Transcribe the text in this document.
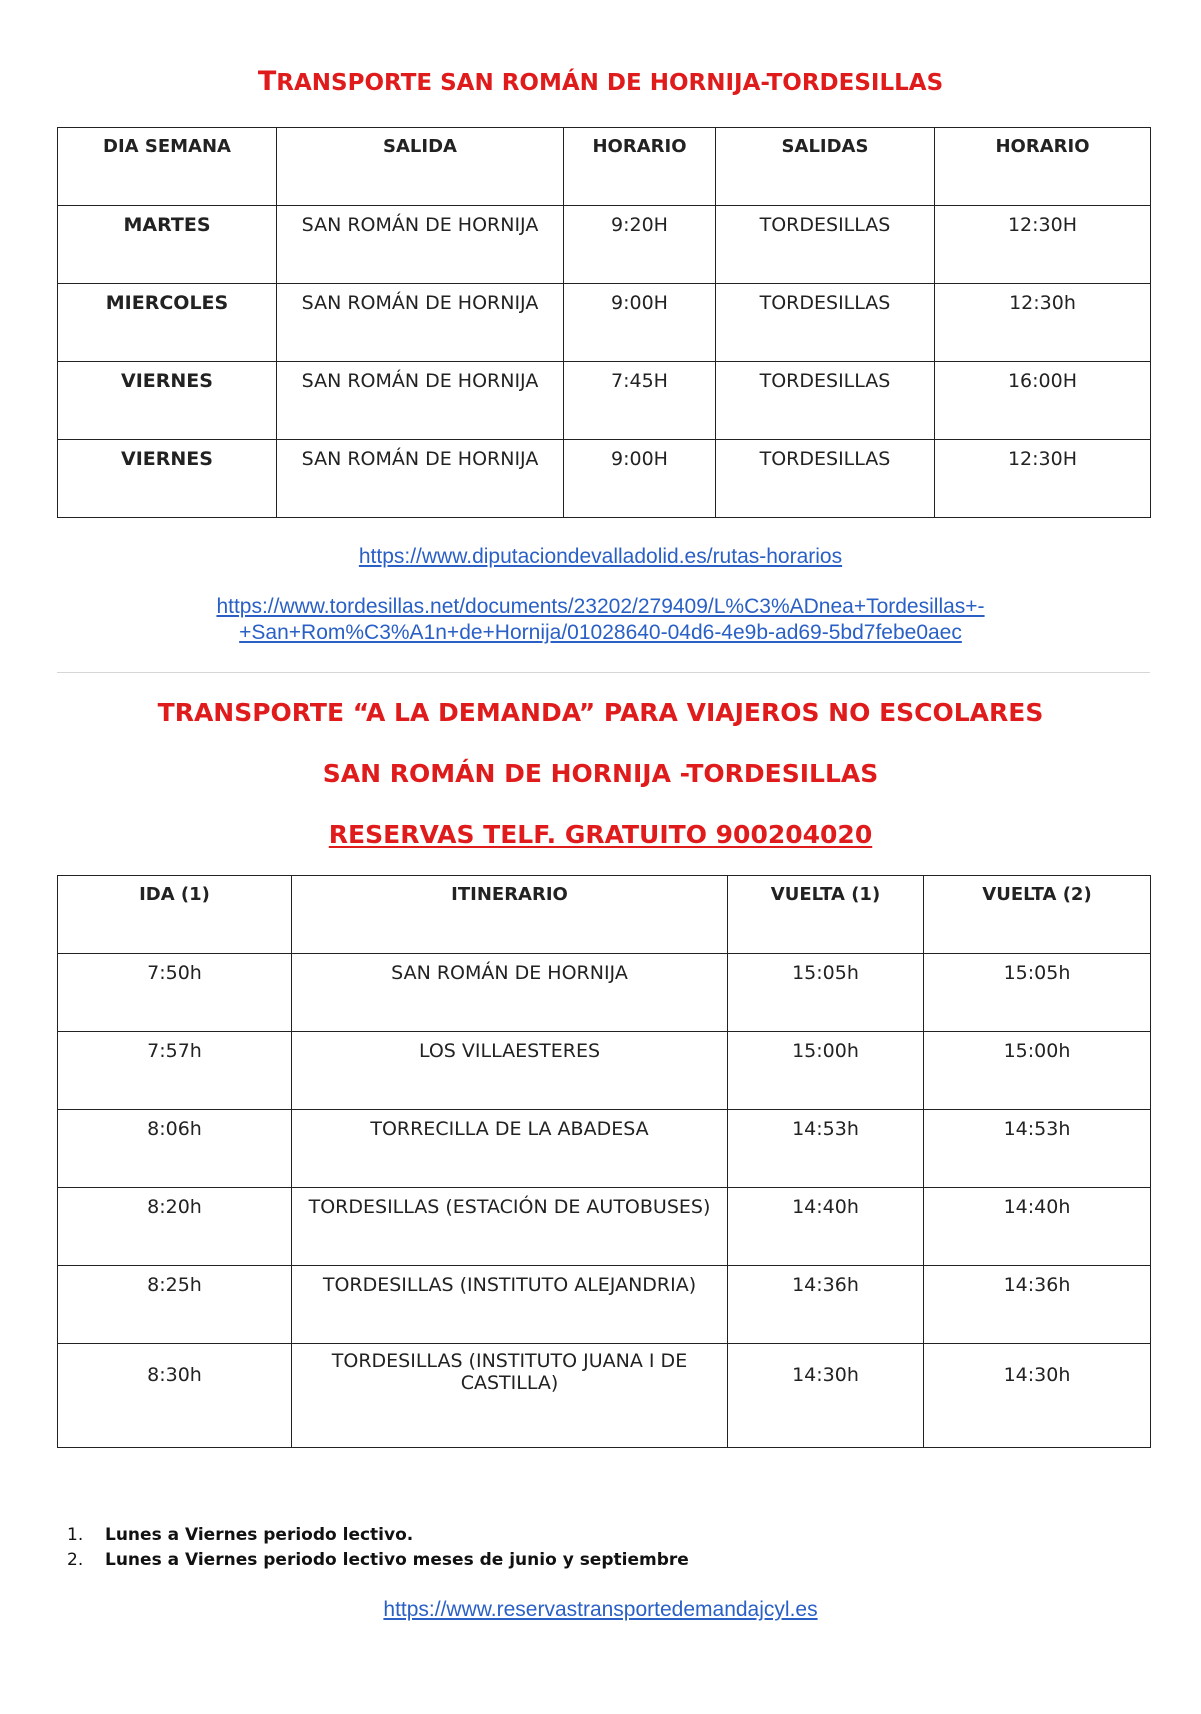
TRANSPORTE SAN ROMÁN DE HORNIJA-TORDESILLAS
DIA SEMANA	SALIDA	HORARIO	SALIDAS	HORARIO
MARTES	SAN ROMÁN DE HORNIJA	9:20H	TORDESILLAS	12:30H
MIERCOLES	SAN ROMÁN DE HORNIJA	9:00H	TORDESILLAS	12:30h
VIERNES	SAN ROMÁN DE HORNIJA	7:45H	TORDESILLAS	16:00H
VIERNES	SAN ROMÁN DE HORNIJA	9:00H	TORDESILLAS	12:30H
https://www.diputaciondevalladolid.es/rutas-horarios
https://www.tordesillas.net/documents/23202/279409/L%C3%ADnea+Tordesillas+-
+San+Rom%C3%A1n+de+Hornija/01028640-04d6-4e9b-ad69-5bd7febe0aec
TRANSPORTE “A LA DEMANDA” PARA VIAJEROS NO ESCOLARES
SAN ROMÁN DE HORNIJA -TORDESILLAS
RESERVAS TELF. GRATUITO 900204020
IDA (1)	ITINERARIO	VUELTA (1)	VUELTA (2)
7:50h	SAN ROMÁN DE HORNIJA	15:05h	15:05h
7:57h	LOS VILLAESTERES	15:00h	15:00h
8:06h	TORRECILLA DE LA ABADESA	14:53h	14:53h
8:20h	TORDESILLAS (ESTACIÓN DE AUTOBUSES)	14:40h	14:40h
8:25h	TORDESILLAS (INSTITUTO ALEJANDRIA)	14:36h	14:36h
8:30h	TORDESILLAS (INSTITUTO JUANA I DE CASTILLA)	14:30h	14:30h
1. Lunes a Viernes periodo lectivo.
2. Lunes a Viernes periodo lectivo meses de junio y septiembre
https://www.reservastransportedemandajcyl.es
